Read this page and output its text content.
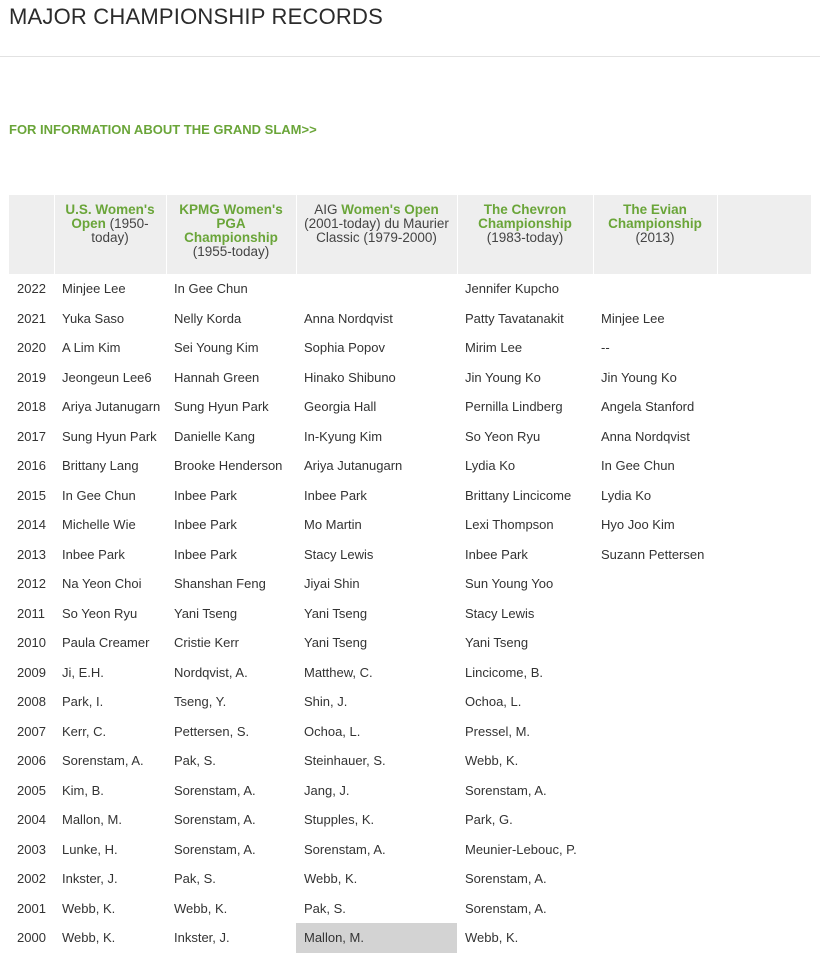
MAJOR CHAMPIONSHIP RECORDS
FOR INFORMATION ABOUT THE GRAND SLAM>>
	U.S. Women's Open (1950-today)	KPMG Women's PGA Championship (1955-today)	AIG Women's Open (2001-today) du Maurier Classic (1979-2000)	The Chevron Championship (1983-today)	The Evian Championship (2013)	
2022	Minjee Lee	In Gee Chun		Jennifer Kupcho		
2021	Yuka Saso	Nelly Korda	Anna Nordqvist	Patty Tavatanakit	Minjee Lee	
2020	A Lim Kim	Sei Young Kim	Sophia Popov	Mirim Lee	--	
2019	Jeongeun Lee6	Hannah Green	Hinako Shibuno	Jin Young Ko	Jin Young Ko	
2018	Ariya Jutanugarn	Sung Hyun Park	Georgia Hall	Pernilla Lindberg	Angela Stanford	
2017	Sung Hyun Park	Danielle Kang	In-Kyung Kim	So Yeon Ryu	Anna Nordqvist	
2016	Brittany Lang	Brooke Henderson	Ariya Jutanugarn	Lydia Ko	In Gee Chun	
2015	In Gee Chun	Inbee Park	Inbee Park	Brittany Lincicome	Lydia Ko	
2014	Michelle Wie	Inbee Park	Mo Martin	Lexi Thompson	Hyo Joo Kim	
2013	Inbee Park	Inbee Park	Stacy Lewis	Inbee Park	Suzann Pettersen	
2012	Na Yeon Choi	Shanshan Feng	Jiyai Shin	Sun Young Yoo		
2011	So Yeon Ryu	Yani Tseng	Yani Tseng	Stacy Lewis		
2010	Paula Creamer	Cristie Kerr	Yani Tseng	Yani Tseng		
2009	Ji, E.H.	Nordqvist, A.	Matthew, C.	Lincicome, B.		
2008	Park, I.	Tseng, Y.	Shin, J.	Ochoa, L.		
2007	Kerr, C.	Pettersen, S.	Ochoa, L.	Pressel, M.		
2006	Sorenstam, A.	Pak, S.	Steinhauer, S.	Webb, K.		
2005	Kim, B.	Sorenstam, A.	Jang, J.	Sorenstam, A.		
2004	Mallon, M.	Sorenstam, A.	Stupples, K.	Park, G.		
2003	Lunke, H.	Sorenstam, A.	Sorenstam, A.	Meunier-Lebouc, P.		
2002	Inkster, J.	Pak, S.	Webb, K.	Sorenstam, A.		
2001	Webb, K.	Webb, K.	Pak, S.	Sorenstam, A.		
2000	Webb, K.	Inkster, J.	Mallon, M.	Webb, K.		
